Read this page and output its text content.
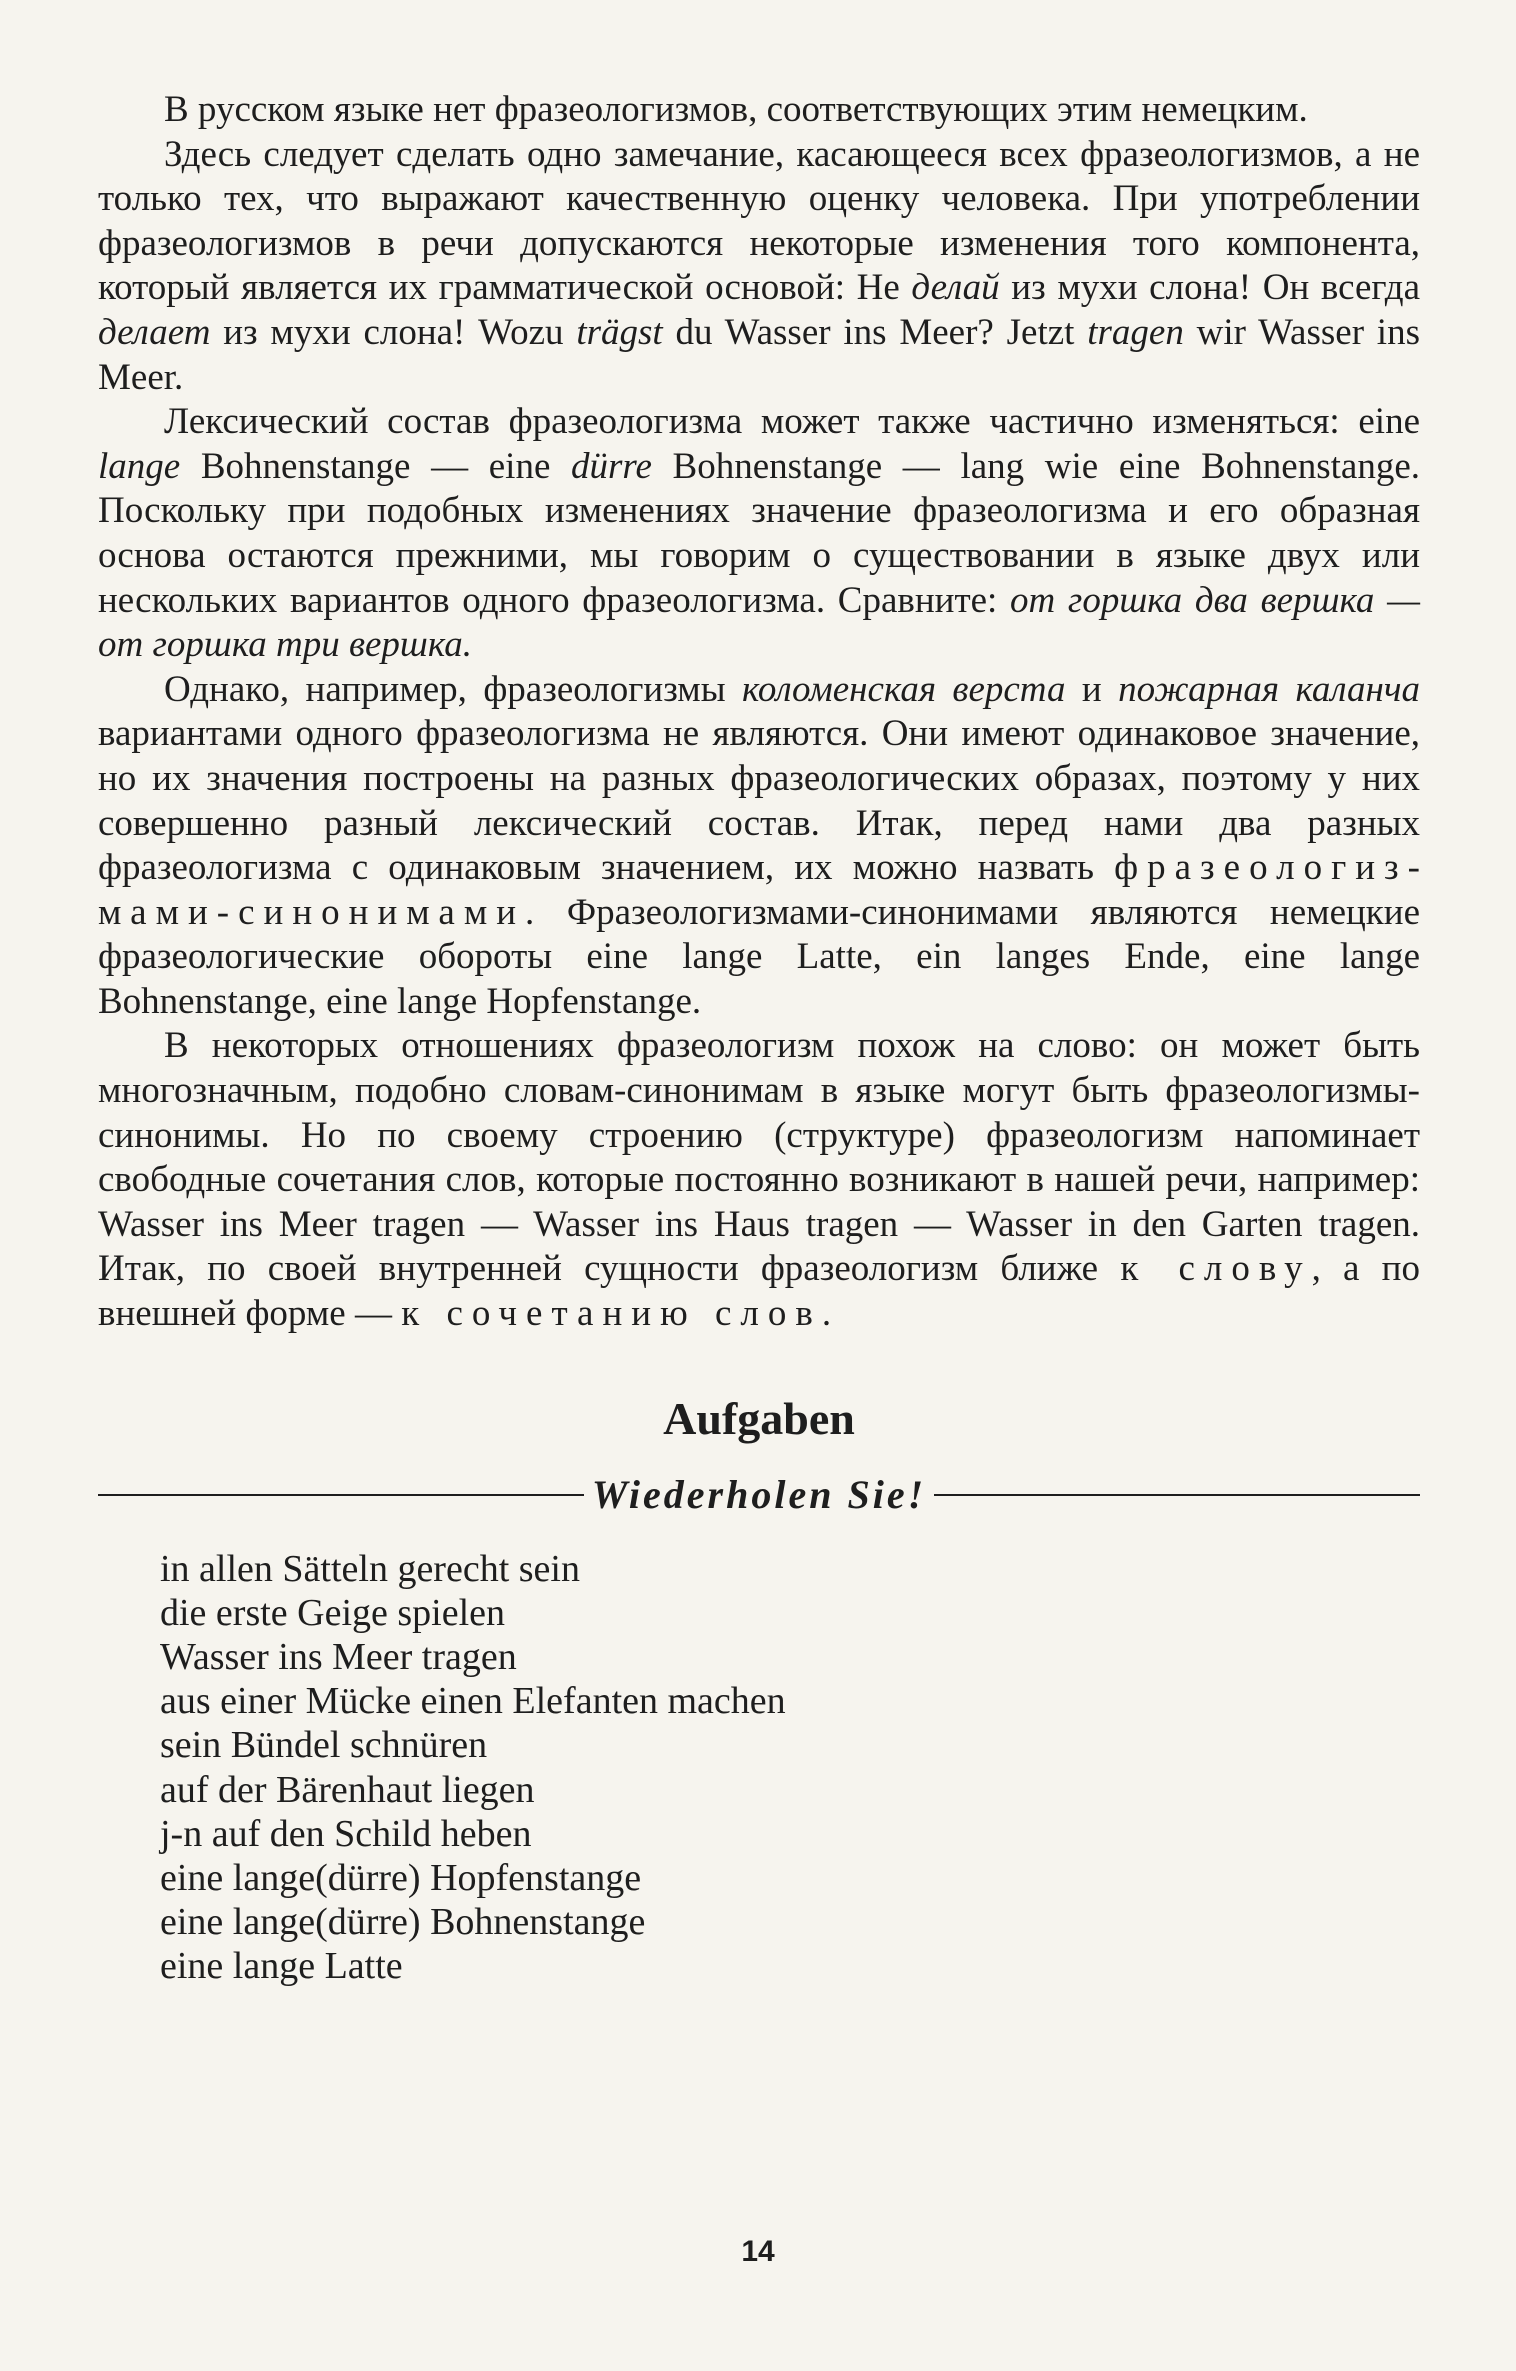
В русском языке нет фразеологизмов, соответствующих этим немецким.

Здесь следует сделать одно замечание, касающееся всех фразеологизмов, а не только тех, что выражают качественную оценку человека. При употреблении фразеологизмов в речи допускаются некоторые изменения того компонента, который является их грамматической основой: Не делай из мухи слона! Он всегда делает из мухи слона! Wozu trägst du Wasser ins Meer? Jetzt tragen wir Wasser ins Meer.

Лексический состав фразеологизма может также частично изменяться: eine lange Bohnenstange — eine dürre Bohnenstange — lang wie eine Bohnenstange. Поскольку при подобных изменениях значение фразеологизма и его образная основа остаются прежними, мы говорим о существовании в языке двух или нескольких вариантов одного фразеологизма. Сравните: от горшка два вершка — от горшка три вершка.

Однако, например, фразеологизмы коломенская верста и пожарная каланча вариантами одного фразеологизма не являются. Они имеют одинаковое значение, но их значения построены на разных фразеологических образах, поэтому у них совершенно разный лексический состав. Итак, перед нами два разных фразеологизма с одинаковым значением, их можно назвать фразеологизмами-синонимами. Фразеологизмами-синонимами являются немецкие фразеологические обороты eine lange Latte, ein langes Ende, eine lange Bohnenstange, eine lange Hopfenstange.

В некоторых отношениях фразеологизм похож на слово: он может быть многозначным, подобно словам-синонимам в языке могут быть фразеологизмы-синонимы. Но по своему строению (структуре) фразеологизм напоминает свободные сочетания слов, которые постоянно возникают в нашей речи, например: Wasser ins Meer tragen — Wasser ins Haus tragen — Wasser in den Garten tragen. Итак, по своей внутренней сущности фразеологизм ближе к слову, а по внешней форме — к сочетанию слов.

Aufgaben
Wiederholen Sie!
in allen Sätteln gerecht sein
die erste Geige spielen
Wasser ins Meer tragen
aus einer Mücke einen Elefanten machen
sein Bündel schnüren
auf der Bärenhaut liegen
j-n auf den Schild heben
eine lange(dürre) Hopfenstange
eine lange(dürre) Bohnenstange
eine lange Latte
14
